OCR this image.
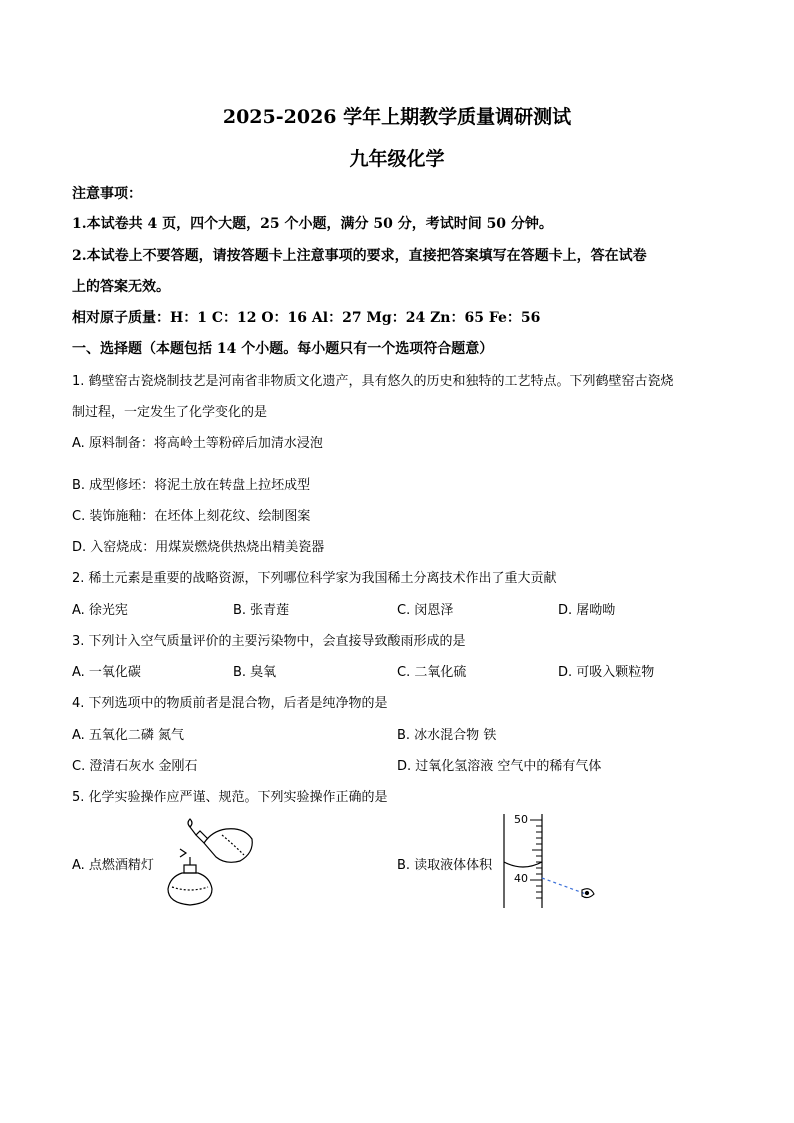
2025-2026 学年上期教学质量调研测试
九年级化学
注意事项：
1.本试卷共 4 页，四个大题，25 个小题，满分 50 分，考试时间 50 分钟。
2.本试卷上不要答题，请按答题卡上注意事项的要求，直接把答案填写在答题卡上，答在试卷
上的答案无效。
相对原子质量：H：1 C：12 O：16 Al：27 Mg：24 Zn：65 Fe：56
一、选择题（本题包括 14 个小题。每小题只有一个选项符合题意）
1. 鹤壁窑古瓷烧制技艺是河南省非物质文化遗产，具有悠久的历史和独特的工艺特点。下列鹤壁窑古瓷烧
制过程，一定发生了化学变化的是
A. 原料制备：将高岭土等粉碎后加清水浸泡
B. 成型修坯：将泥土放在转盘上拉坯成型
C. 装饰施釉：在坯体上刻花纹、绘制图案
D. 入窑烧成：用煤炭燃烧供热烧出精美瓷器
2. 稀土元素是重要的战略资源，下列哪位科学家为我国稀土分离技术作出了重大贡献
A. 徐光宪	B. 张青莲	C. 闵恩泽	D. 屠呦呦
3. 下列计入空气质量评价的主要污染物中，会直接导致酸雨形成的是
A. 一氧化碳	B. 臭氧	C. 二氧化硫	D. 可吸入颗粒物
4. 下列选项中的物质前者是混合物，后者是纯净物的是
A. 五氧化二磷 氮气	B. 冰水混合物 铁
C. 澄清石灰水 金刚石	D. 过氧化氢溶液 空气中的稀有气体
5. 化学实验操作应严谨、规范。下列实验操作正确的是
A. 点燃酒精灯	B. 读取液体体积
50
40
